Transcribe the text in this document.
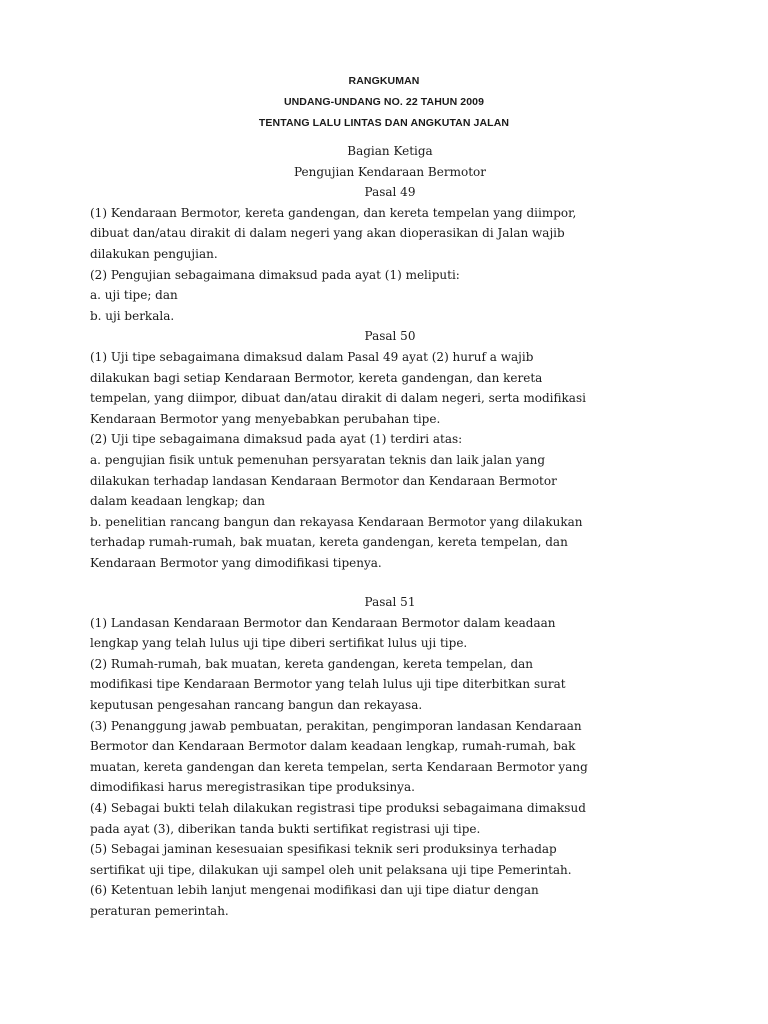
RANGKUMAN
UNDANG-UNDANG NO. 22 TAHUN 2009
TENTANG LALU LINTAS DAN ANGKUTAN JALAN

Bagian Ketiga

Pengujian Kendaraan Bermotor

Pasal 49

(1) Kendaraan Bermotor, kereta gandengan, dan kereta tempelan yang diimpor,

dibuat dan/atau dirakit di dalam negeri yang akan dioperasikan di Jalan wajib

dilakukan pengujian.

(2) Pengujian sebagaimana dimaksud pada ayat (1) meliputi:

a. uji tipe; dan

b. uji berkala.

Pasal 50

(1) Uji tipe sebagaimana dimaksud dalam Pasal 49 ayat (2) huruf a wajib

dilakukan bagi setiap Kendaraan Bermotor, kereta gandengan, dan kereta

tempelan, yang diimpor, dibuat dan/atau dirakit di dalam negeri, serta modifikasi

Kendaraan Bermotor yang menyebabkan perubahan tipe.

(2) Uji tipe sebagaimana dimaksud pada ayat (1) terdiri atas:

a. pengujian fisik untuk pemenuhan persyaratan teknis dan laik jalan yang

dilakukan terhadap landasan Kendaraan Bermotor dan Kendaraan Bermotor

dalam keadaan lengkap; dan

b. penelitian rancang bangun dan rekayasa Kendaraan Bermotor yang dilakukan

terhadap rumah-rumah, bak muatan, kereta gandengan, kereta tempelan, dan

Kendaraan Bermotor yang dimodifikasi tipenya.

Pasal 51

(1) Landasan Kendaraan Bermotor dan Kendaraan Bermotor dalam keadaan

lengkap yang telah lulus uji tipe diberi sertifikat lulus uji tipe.

(2) Rumah-rumah, bak muatan, kereta gandengan, kereta tempelan, dan

modifikasi tipe Kendaraan Bermotor yang telah lulus uji tipe diterbitkan surat

keputusan pengesahan rancang bangun dan rekayasa.

(3) Penanggung jawab pembuatan, perakitan, pengimporan landasan Kendaraan

Bermotor dan Kendaraan Bermotor dalam keadaan lengkap, rumah-rumah, bak

muatan, kereta gandengan dan kereta tempelan, serta Kendaraan Bermotor yang

dimodifikasi harus meregistrasikan tipe produksinya.

(4) Sebagai bukti telah dilakukan registrasi tipe produksi sebagaimana dimaksud

pada ayat (3), diberikan tanda bukti sertifikat registrasi uji tipe.

(5) Sebagai jaminan kesesuaian spesifikasi teknik seri produksinya terhadap

sertifikat uji tipe, dilakukan uji sampel oleh unit pelaksana uji tipe Pemerintah.

(6) Ketentuan lebih lanjut mengenai modifikasi dan uji tipe diatur dengan

peraturan pemerintah.
